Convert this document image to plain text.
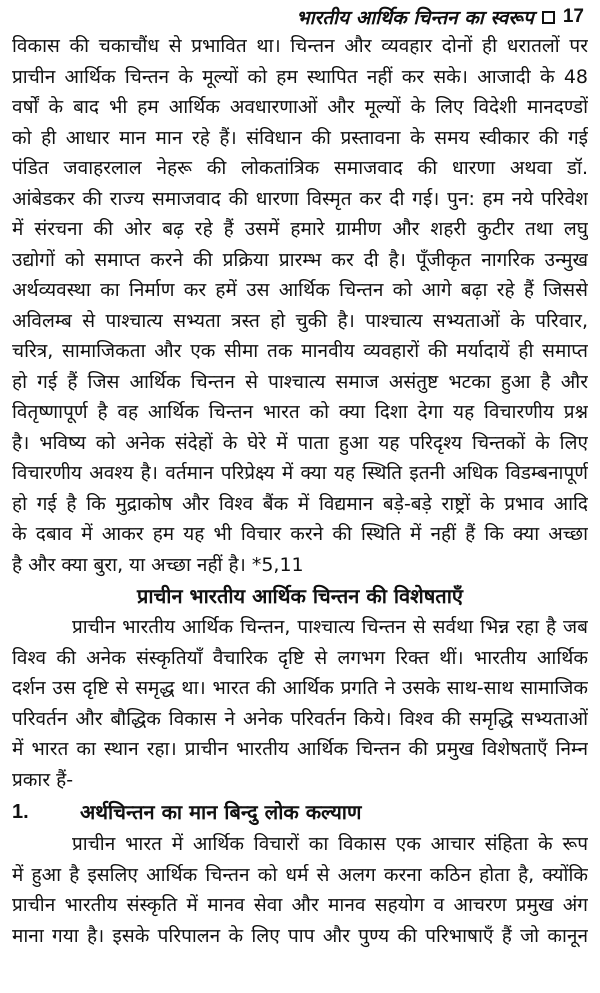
भारतीय आर्थिक चिन्तन का स्वरूप 17
विकास की चकाचौंध से प्रभावित था। चिन्तन और व्यवहार दोनों ही धरातलों पर
प्राचीन आर्थिक चिन्तन के मूल्यों को हम स्थापित नहीं कर सके। आजादी के 48
वर्षों के बाद भी हम आर्थिक अवधारणाओं और मूल्यों के लिए विदेशी मानदण्डों
को ही आधार मान मान रहे हैं। संविधान की प्रस्तावना के समय स्वीकार की गई
पंडित जवाहरलाल नेहरू की लोकतांत्रिक समाजवाद की धारणा अथवा डॉ.
आंबेडकर की राज्य समाजवाद की धारणा विस्मृत कर दी गई। पुन: हम नये परिवेश
में संरचना की ओर बढ़ रहे हैं उसमें हमारे ग्रामीण और शहरी कुटीर तथा लघु
उद्योगों को समाप्त करने की प्रक्रिया प्रारम्भ कर दी है। पूँजीकृत नागरिक उन्मुख
अर्थव्यवस्था का निर्माण कर हमें उस आर्थिक चिन्तन को आगे बढ़ा रहे हैं जिससे
अविलम्ब से पाश्चात्य सभ्यता त्रस्त हो चुकी है। पाश्चात्य सभ्यताओं के परिवार,
चरित्र, सामाजिकता और एक सीमा तक मानवीय व्यवहारों की मर्यादायें ही समाप्त
हो गई हैं जिस आर्थिक चिन्तन से पाश्चात्य समाज असंतुष्ट भटका हुआ है और
वितृष्णापूर्ण है वह आर्थिक चिन्तन भारत को क्या दिशा देगा यह विचारणीय प्रश्न
है। भविष्य को अनेक संदेहों के घेरे में पाता हुआ यह परिदृश्य चिन्तकों के लिए
विचारणीय अवश्य है। वर्तमान परिप्रेक्ष्य में क्या यह स्थिति इतनी अधिक विडम्बनापूर्ण
हो गई है कि मुद्राकोष और विश्व बैंक में विद्यमान बड़े-बड़े राष्ट्रों के प्रभाव आदि
के दबाव में आकर हम यह भी विचार करने की स्थिति में नहीं हैं कि क्या अच्छा
है और क्या बुरा, या अच्छा नहीं है। *5,11
प्राचीन भारतीय आर्थिक चिन्तन की विशेषताएँ
प्राचीन भारतीय आर्थिक चिन्तन, पाश्चात्य चिन्तन से सर्वथा भिन्न रहा है जब
विश्व की अनेक संस्कृतियाँ वैचारिक दृष्टि से लगभग रिक्त थीं। भारतीय आर्थिक
दर्शन उस दृष्टि से समृद्ध था। भारत की आर्थिक प्रगति ने उसके साथ-साथ सामाजिक
परिवर्तन और बौद्धिक विकास ने अनेक परिवर्तन किये। विश्व की समृद्धि सभ्यताओं
में भारत का स्थान रहा। प्राचीन भारतीय आर्थिक चिन्तन की प्रमुख विशेषताएँ निम्न
प्रकार हैं-
1.	अर्थचिन्तन का मान बिन्दु लोक कल्याण
प्राचीन भारत में आर्थिक विचारों का विकास एक आचार संहिता के रूप
में हुआ है इसलिए आर्थिक चिन्तन को धर्म से अलग करना कठिन होता है, क्योंकि
प्राचीन भारतीय संस्कृति में मानव सेवा और मानव सहयोग व आचरण प्रमुख अंग
माना गया है। इसके परिपालन के लिए पाप और पुण्य की परिभाषाएँ हैं जो कानून
